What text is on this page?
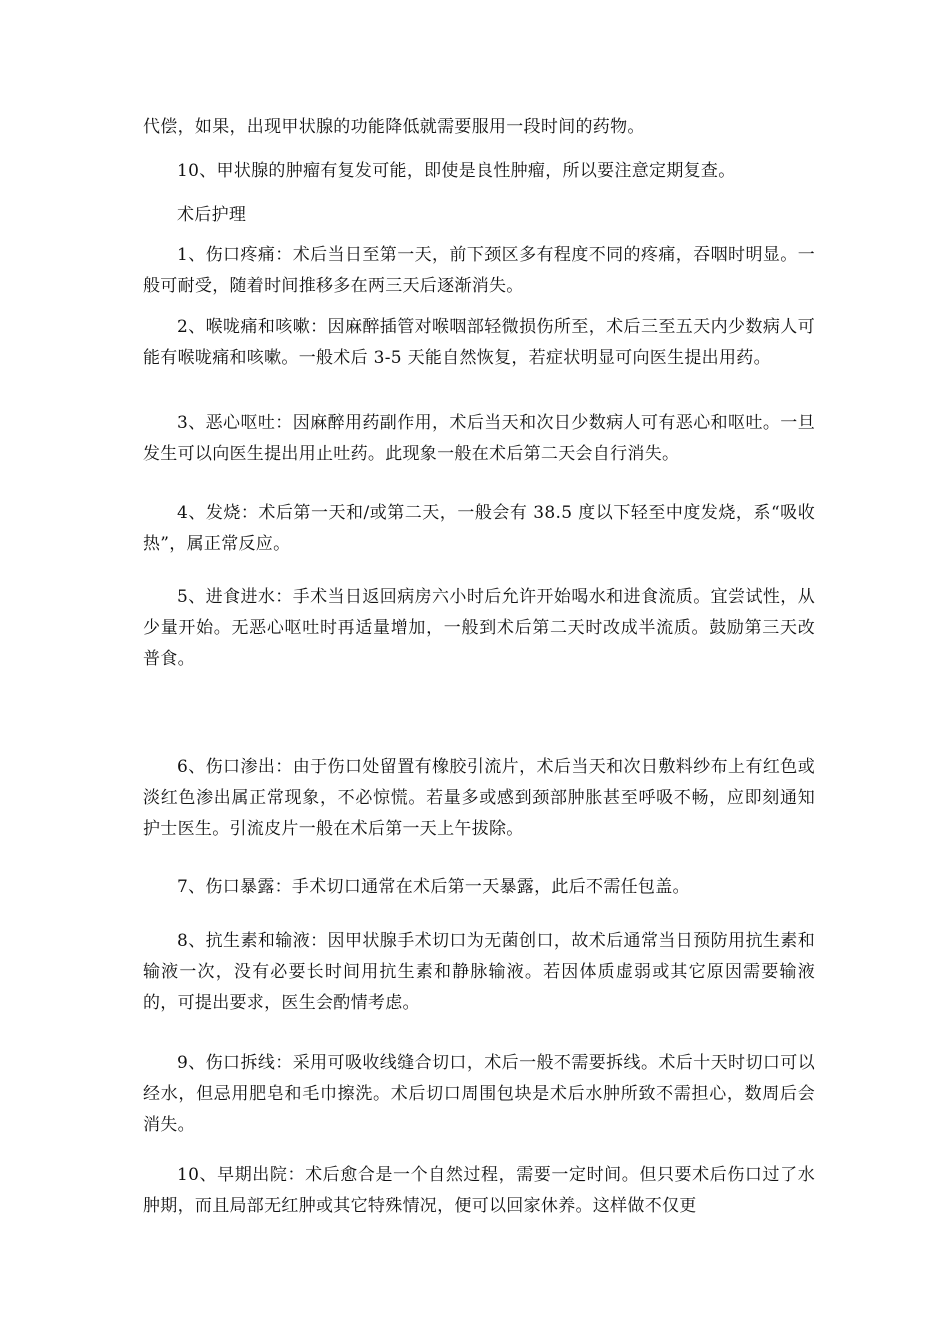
代偿，如果，出现甲状腺的功能降低就需要服用一段时间的药物。

10、甲状腺的肿瘤有复发可能，即使是良性肿瘤，所以要注意定期复查。

术后护理

1、伤口疼痛：术后当日至第一天，前下颈区多有程度不同的疼痛，吞咽时明显。一般可耐受，随着时间推移多在两三天后逐渐消失。

2、喉咙痛和咳嗽：因麻醉插管对喉咽部轻微损伤所至，术后三至五天内少数病人可能有喉咙痛和咳嗽。一般术后 3-5 天能自然恢复，若症状明显可向医生提出用药。

3、恶心呕吐：因麻醉用药副作用，术后当天和次日少数病人可有恶心和呕吐。一旦发生可以向医生提出用止吐药。此现象一般在术后第二天会自行消失。

4、发烧：术后第一天和/或第二天，一般会有 38.5 度以下轻至中度发烧，系“吸收热”，属正常反应。

5、进食进水：手术当日返回病房六小时后允许开始喝水和进食流质。宜尝试性，从少量开始。无恶心呕吐时再适量增加，一般到术后第二天时改成半流质。鼓励第三天改普食。

6、伤口渗出：由于伤口处留置有橡胶引流片，术后当天和次日敷料纱布上有红色或淡红色渗出属正常现象，不必惊慌。若量多或感到颈部肿胀甚至呼吸不畅，应即刻通知护士医生。引流皮片一般在术后第一天上午拔除。

7、伤口暴露：手术切口通常在术后第一天暴露，此后不需任包盖。

8、抗生素和输液：因甲状腺手术切口为无菌创口，故术后通常当日预防用抗生素和输液一次，没有必要长时间用抗生素和静脉输液。若因体质虚弱或其它原因需要输液的，可提出要求，医生会酌情考虑。

9、伤口拆线：采用可吸收线缝合切口，术后一般不需要拆线。术后十天时切口可以经水，但忌用肥皂和毛巾擦洗。术后切口周围包块是术后水肿所致不需担心，数周后会消失。

10、早期出院：术后愈合是一个自然过程，需要一定时间。但只要术后伤口过了水肿期，而且局部无红肿或其它特殊情况，便可以回家休养。这样做不仅更
